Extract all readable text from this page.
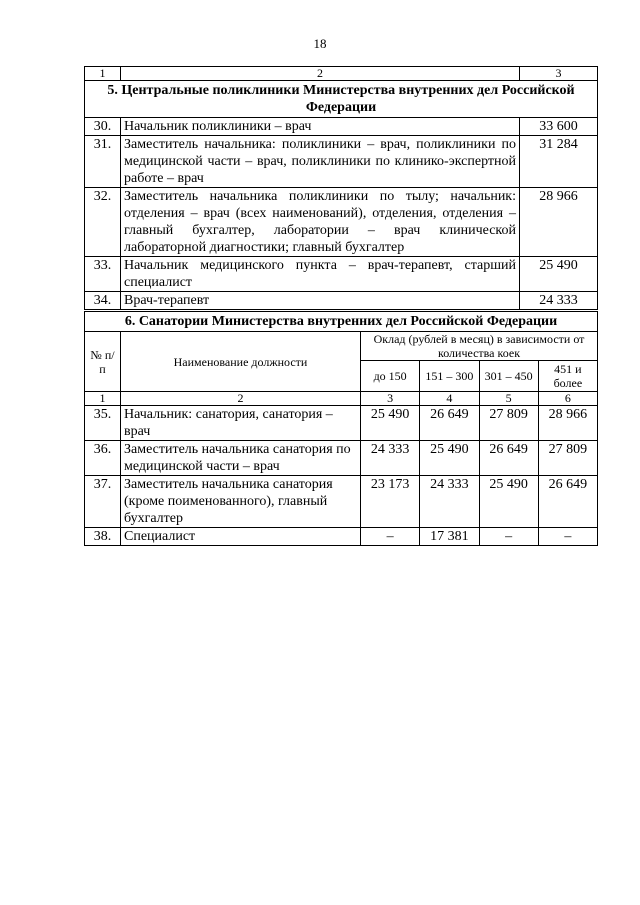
18
1	2	3
5. Центральные поликлиники Министерства внутренних дел Российской Федерации		
30.	Начальник поликлиники – врач	33 600
31.	Заместитель начальника: поликлиники – врач, поликлиники по медицинской части – врач, поликлиники по клинико-экспертной работе – врач	31 284
32.	Заместитель начальника поликлиники по тылу; начальник: отделения – врач (всех наименований), отделения, отделения – главный бухгалтер, лаборатории – врач клинической лабораторной диагностики; главный бухгалтер	28 966
33.	Начальник медицинского пункта – врач-терапевт, старший специалист	25 490
34.	Врач-терапевт	24 333
6. Санатории Министерства внутренних дел Российской Федерации					
№ п/п	Наименование должности	Оклад (рублей в месяц) в зависимости от количества коек			
		до 150	151 – 300	301 – 450	451 и более
1	2	3	4	5	6
35.	Начальник: санатория, санатория – врач	25 490	26 649	27 809	28 966
36.	Заместитель начальника санатория по медицинской части – врач	24 333	25 490	26 649	27 809
37.	Заместитель начальника санатория (кроме поименованного), главный бухгалтер	23 173	24 333	25 490	26 649
38.	Специалист	–	17 381	–	–
